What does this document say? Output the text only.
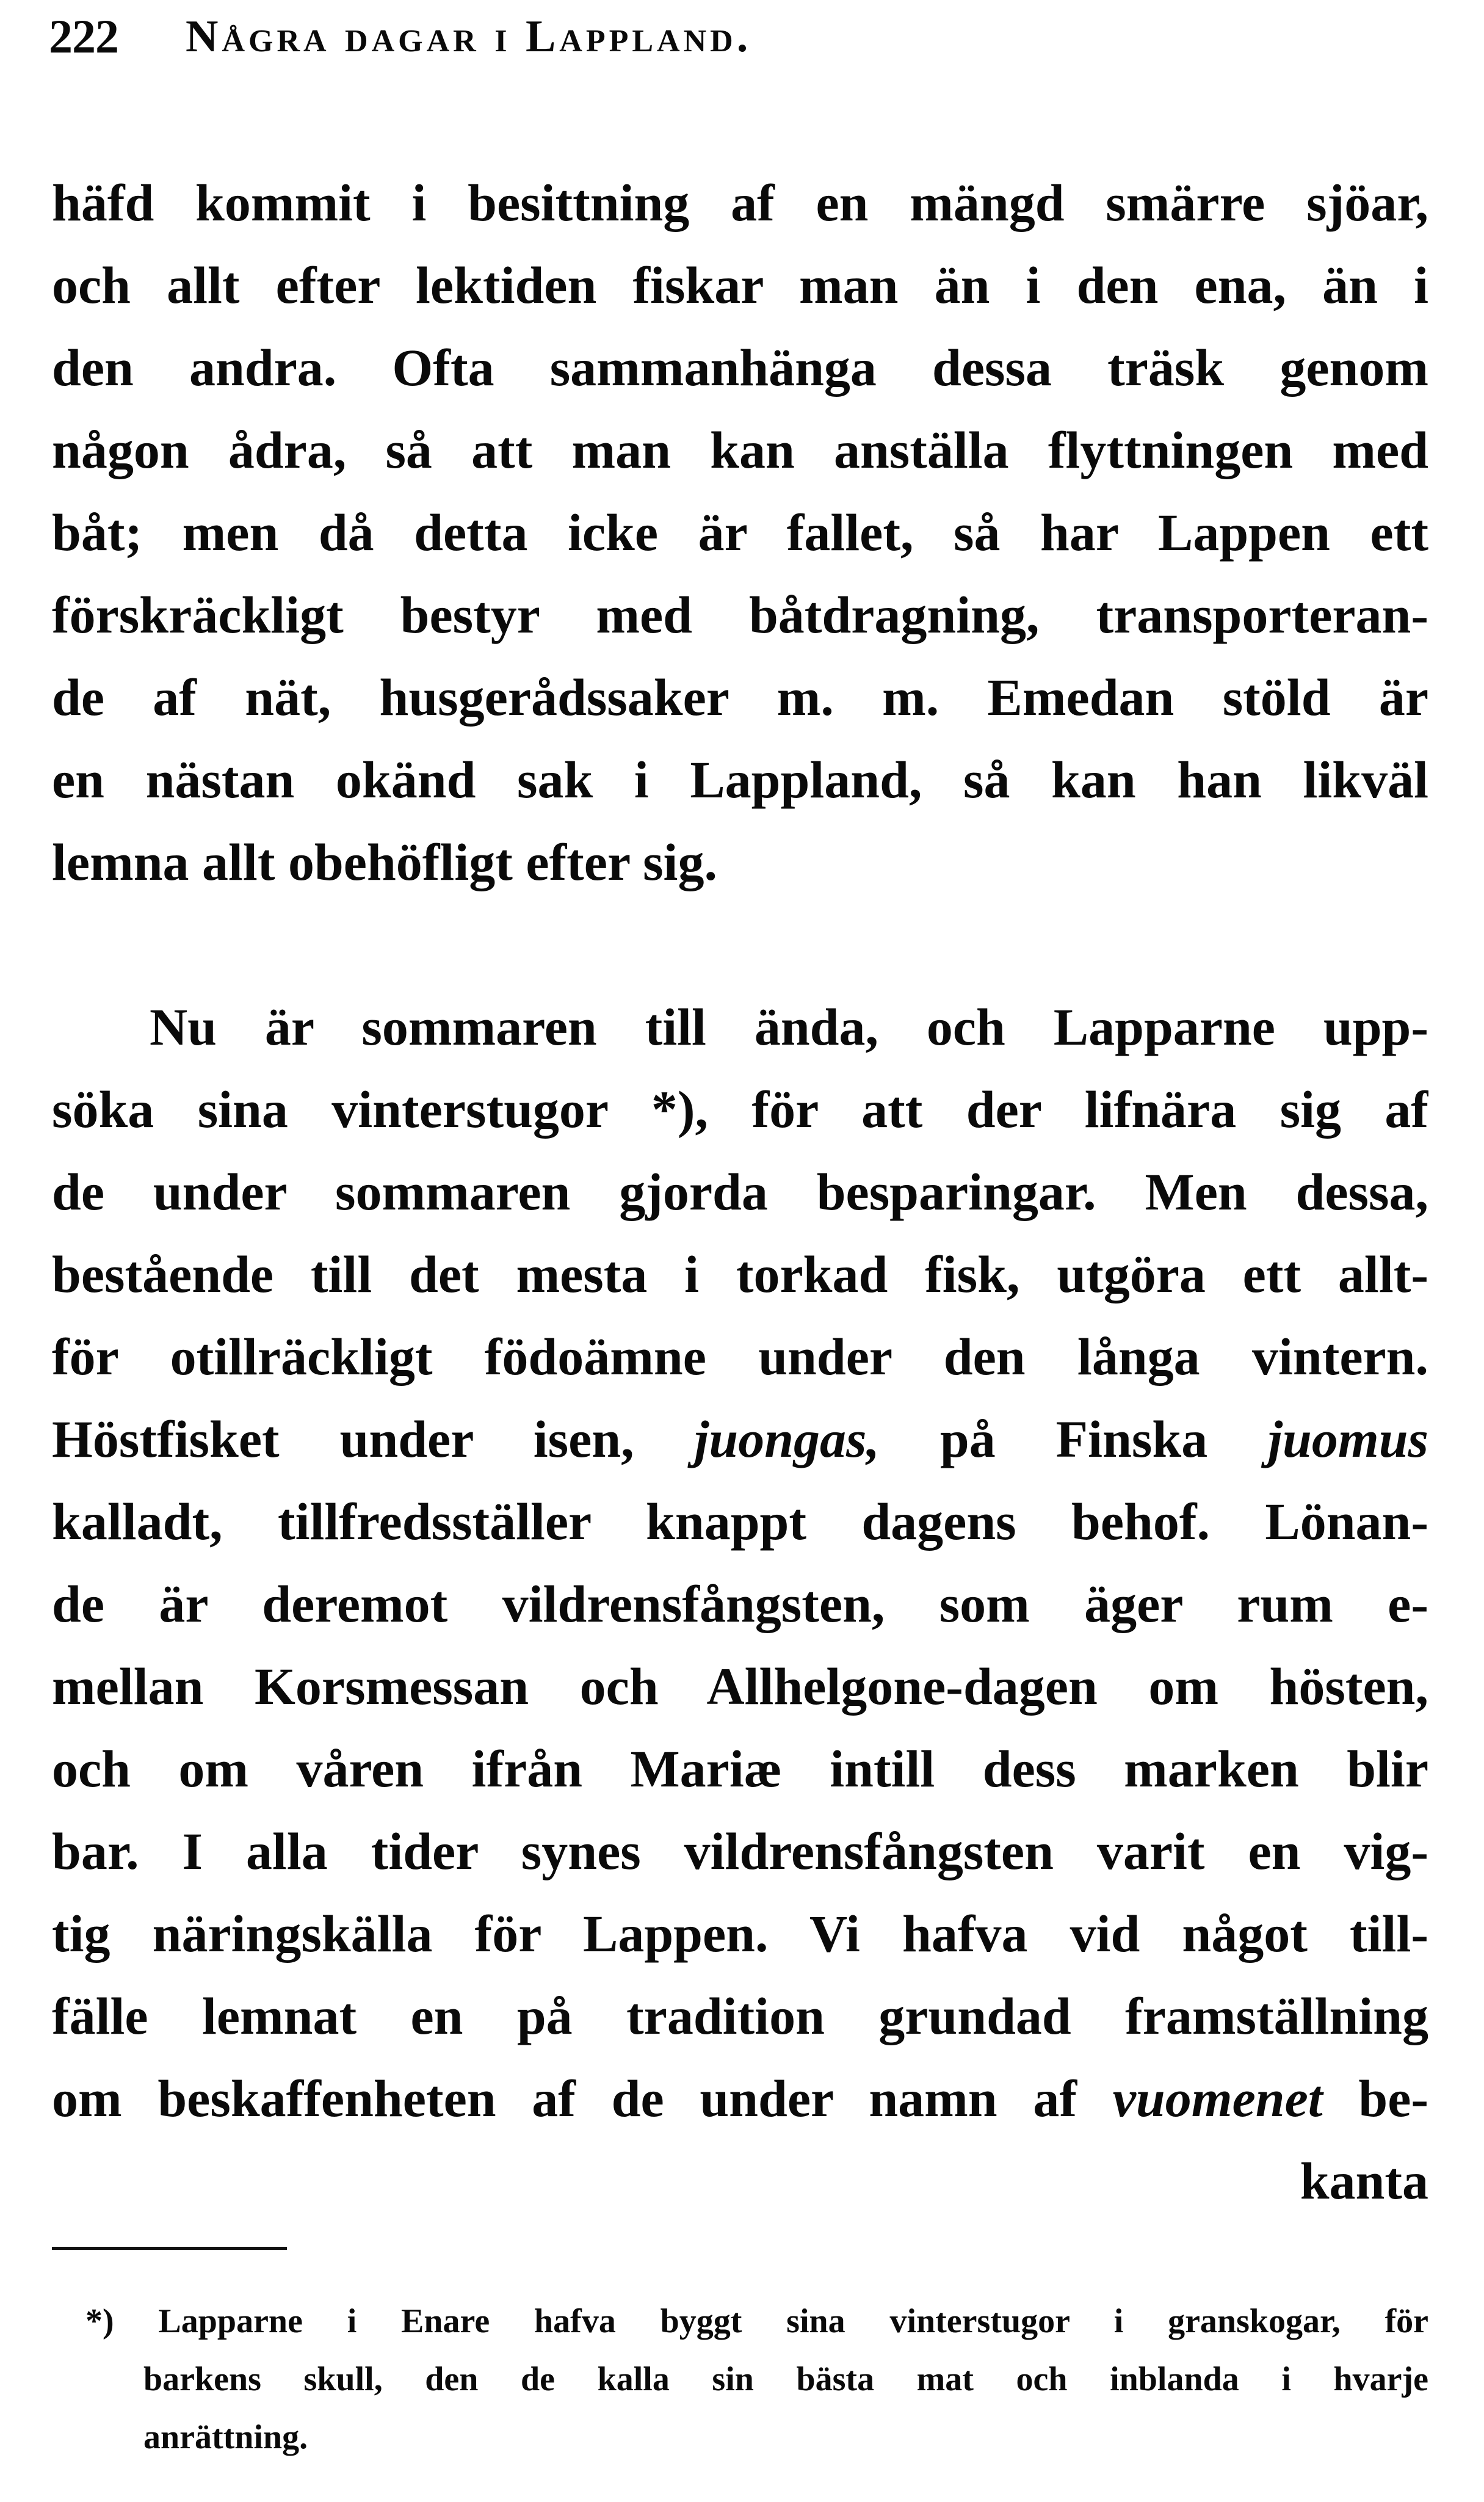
222 Några dagar i Lappland.
häfd kommit i besittning af en mängd smärre sjöar,
och allt efter lektiden fiskar man än i den ena, än i
den andra. Ofta sammanhänga dessa träsk genom
någon ådra, så att man kan anställa flyttningen med
båt; men då detta icke är fallet, så har Lappen ett
förskräckligt bestyr med båtdragning, transporteran-
de af nät, husgerådssaker m. m. Emedan stöld är
en nästan okänd sak i Lappland, så kan han likväl
lemna allt obehöfligt efter sig.
Nu är sommaren till ända, och Lapparne upp-
söka sina vinterstugor *), för att der lifnära sig af
de under sommaren gjorda besparingar. Men dessa,
bestående till det mesta i torkad fisk, utgöra ett allt-
för otillräckligt födoämne under den långa vintern.
Höstfisket under isen, juongas, på Finska juomus
kalladt, tillfredsställer knappt dagens behof. Lönan-
de är deremot vildrensfångsten, som äger rum e-
mellan Korsmessan och Allhelgone-dagen om hösten,
och om våren ifrån Mariæ intill dess marken blir
bar. I alla tider synes vildrensfångsten varit en vig-
tig näringskälla för Lappen. Vi hafva vid något till-
fälle lemnat en på tradition grundad framställning
om beskaffenheten af de under namn af vuomenet be-
kanta
*) Lapparne i Enare hafva byggt sina vinterstugor i granskogar, för
barkens skull, den de kalla sin bästa mat och inblanda i hvarje
anrättning.
